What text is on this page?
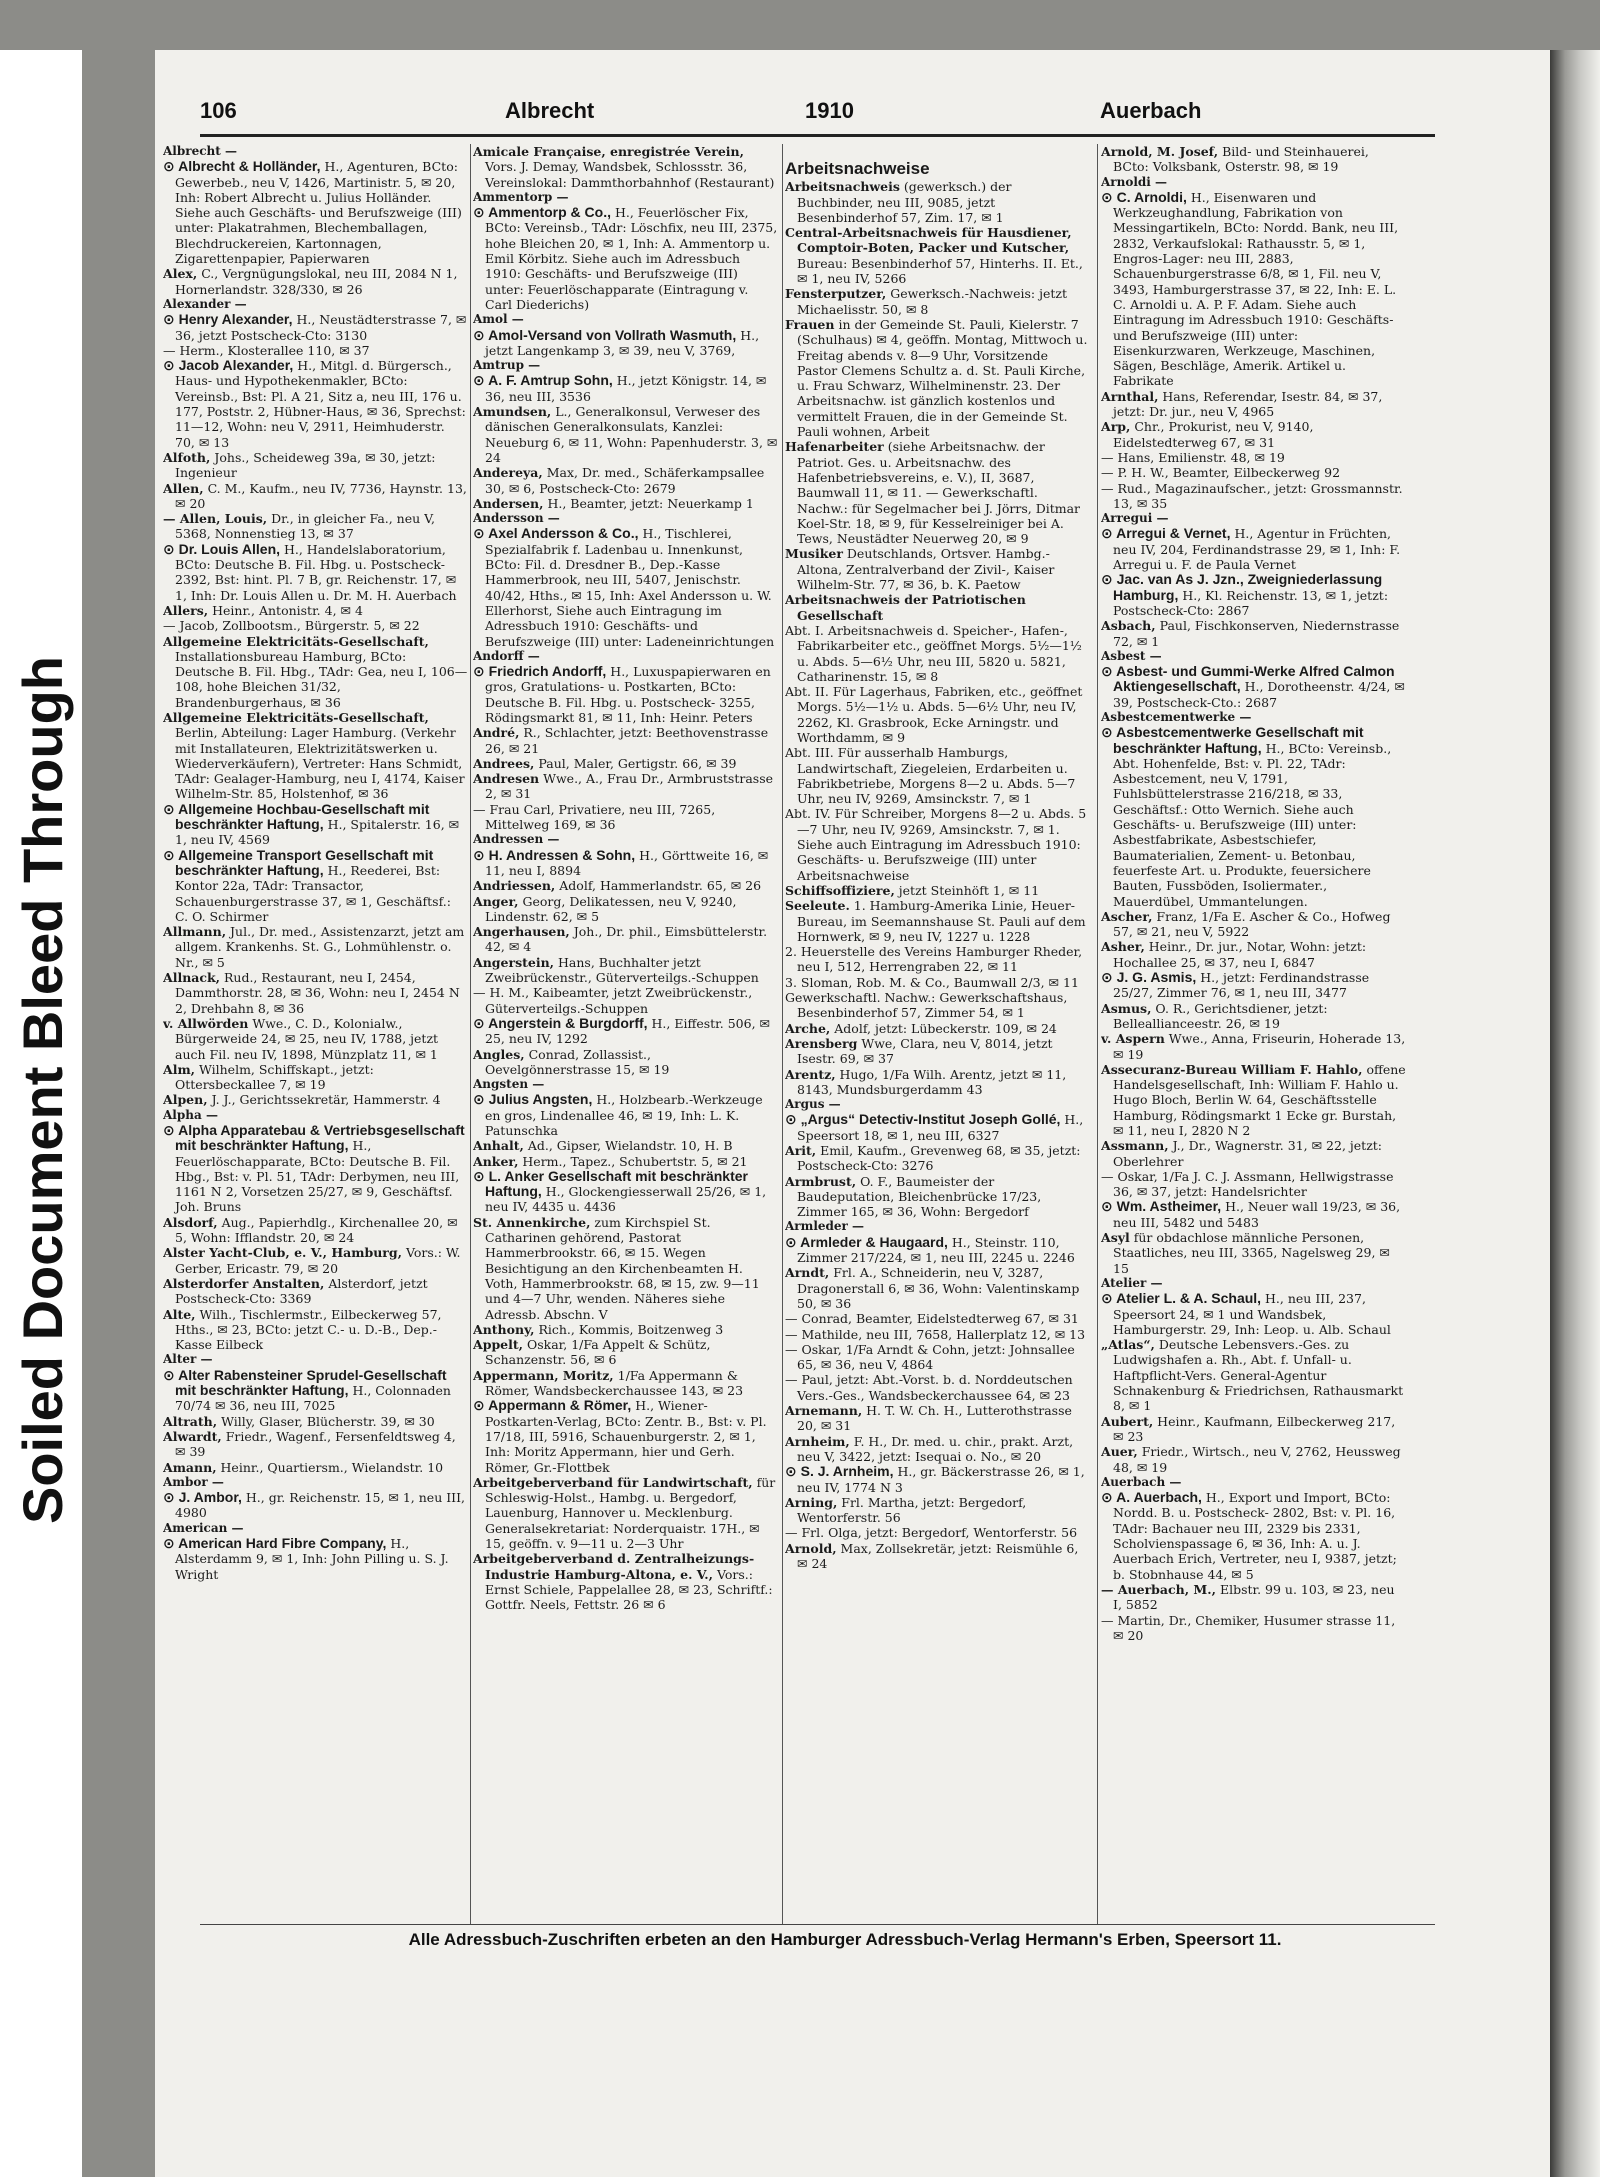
Soiled Document Bleed Through
106	Albrecht	1910	Auerbach

Albrecht —

⊙ Albrecht & Holländer, H., Agenturen, BCto: Gewerbeb., neu V, 1426, Martinistr. 5, ✉ 20, Inh: Robert Albrecht u. Julius Holländer. Siehe auch Geschäfts- und Berufszweige (III) unter: Plakatrahmen, Blechemballagen, Blechdruckereien, Kartonnagen, Zigarettenpapier, Papierwaren

Alex, C., Vergnügungslokal, neu III, 2084 N 1, Hornerlandstr. 328/330, ✉ 26

Alexander —

⊙ Henry Alexander, H., Neustädterstrasse 7, ✉ 36, jetzt Postscheck-Cto: 3130

— Herm., Klosterallee 110, ✉ 37

⊙ Jacob Alexander, H., Mitgl. d. Bürgersch., Haus- und Hypothekenmakler, BCto: Vereinsb., Bst: Pl. A 21, Sitz a, neu III, 176 u. 177, Poststr. 2, Hübner-Haus, ✉ 36, Sprechst: 11—12, Wohn: neu V, 2911, Heimhuderstr. 70, ✉ 13

Alfoth, Johs., Scheideweg 39a, ✉ 30, jetzt: Ingenieur

Allen, C. M., Kaufm., neu IV, 7736, Haynstr. 13, ✉ 20

— Allen, Louis, Dr., in gleicher Fa., neu V, 5368, Nonnenstieg 13, ✉ 37

⊙ Dr. Louis Allen, H., Handelslaboratorium, BCto: Deutsche B. Fil. Hbg. u. Postscheck- 2392, Bst: hint. Pl. 7 B, gr. Reichenstr. 17, ✉ 1, Inh: Dr. Louis Allen u. Dr. M. H. Auerbach

Allers, Heinr., Antonistr. 4, ✉ 4

— Jacob, Zollbootsm., Bürgerstr. 5, ✉ 22

Allgemeine Elektricitäts-Gesellschaft, Installationsbureau Hamburg, BCto: Deutsche B. Fil. Hbg., TAdr: Gea, neu I, 106—108, hohe Bleichen 31/32, Brandenburgerhaus, ✉ 36

Allgemeine Elektricitäts-Gesellschaft, Berlin, Abteilung: Lager Hamburg. (Verkehr mit Installateuren, Elektrizitätswerken u. Wiederverkäufern), Vertreter: Hans Schmidt, TAdr: Gealager-Hamburg, neu I, 4174, Kaiser Wilhelm-Str. 85, Holstenhof, ✉ 36

⊙ Allgemeine Hochbau-Gesellschaft mit beschränkter Haftung, H., Spitalerstr. 16, ✉ 1, neu IV, 4569

⊙ Allgemeine Transport Gesellschaft mit beschränkter Haftung, H., Reederei, Bst: Kontor 22a, TAdr: Transactor, Schauenburgerstrasse 37, ✉ 1, Geschäftsf.: C. O. Schirmer

Allmann, Jul., Dr. med., Assistenzarzt, jetzt am allgem. Krankenhs. St. G., Lohmühlenstr. o. Nr., ✉ 5

Allnack, Rud., Restaurant, neu I, 2454, Dammthorstr. 28, ✉ 36, Wohn: neu I, 2454 N 2, Drehbahn 8, ✉ 36

v. Allwörden Wwe., C. D., Kolonialw., Bürgerweide 24, ✉ 25, neu IV, 1788, jetzt auch Fil. neu IV, 1898, Münzplatz 11, ✉ 1

Alm, Wilhelm, Schiffskapt., jetzt: Ottersbeckallee 7, ✉ 19

Alpen, J. J., Gerichtssekretär, Hammerstr. 4

Alpha —

⊙ Alpha Apparatebau & Vertriebsgesellschaft mit beschränkter Haftung, H., Feuerlöschapparate, BCto: Deutsche B. Fil. Hbg., Bst: v. Pl. 51, TAdr: Derbymen, neu III, 1161 N 2, Vorsetzen 25/27, ✉ 9, Geschäftsf. Joh. Bruns

Alsdorf, Aug., Papierhdlg., Kirchenallee 20, ✉ 5, Wohn: Ifflandstr. 20, ✉ 24

Alster Yacht-Club, e. V., Hamburg, Vors.: W. Gerber, Ericastr. 79, ✉ 20

Alsterdorfer Anstalten, Alsterdorf, jetzt Postscheck-Cto: 3369

Alte, Wilh., Tischlermstr., Eilbeckerweg 57, Hths., ✉ 23, BCto: jetzt C.- u. D.-B., Dep.-Kasse Eilbeck

Alter —

⊙ Alter Rabensteiner Sprudel-Gesellschaft mit beschränkter Haftung, H., Colonnaden 70/74 ✉ 36, neu III, 7025

Altrath, Willy, Glaser, Blücherstr. 39, ✉ 30

Alwardt, Friedr., Wagenf., Fersenfeldtsweg 4, ✉ 39

Amann, Heinr., Quartiersm., Wielandstr. 10

Ambor —

⊙ J. Ambor, H., gr. Reichenstr. 15, ✉ 1, neu III, 4980

American —

⊙ American Hard Fibre Company, H., Alsterdamm 9, ✉ 1, Inh: John Pilling u. S. J. Wright

Amicale Française, enregistrée Verein, Vors. J. Demay, Wandsbek, Schlossstr. 36, Vereinslokal: Dammthorbahnhof (Restaurant)

Ammentorp —

⊙ Ammentorp & Co., H., Feuerlöscher Fix, BCto: Vereinsb., TAdr: Löschfix, neu III, 2375, hohe Bleichen 20, ✉ 1, Inh: A. Ammentorp u. Emil Körbitz. Siehe auch im Adressbuch 1910: Geschäfts- und Berufszweige (III) unter: Feuerlöschapparate (Eintragung v. Carl Diederichs)

Amol —

⊙ Amol-Versand von Vollrath Wasmuth, H., jetzt Langenkamp 3, ✉ 39, neu V, 3769,

Amtrup —

⊙ A. F. Amtrup Sohn, H., jetzt Königstr. 14, ✉ 36, neu III, 3536

Amundsen, L., Generalkonsul, Verweser des dänischen Generalkonsulats, Kanzlei: Neueburg 6, ✉ 11, Wohn: Papenhuderstr. 3, ✉ 24

Andereya, Max, Dr. med., Schäferkampsallee 30, ✉ 6, Postscheck-Cto: 2679

Andersen, H., Beamter, jetzt: Neuerkamp 1

Andersson —

⊙ Axel Andersson & Co., H., Tischlerei, Spezialfabrik f. Ladenbau u. Innenkunst, BCto: Fil. d. Dresdner B., Dep.-Kasse Hammerbrook, neu III, 5407, Jenischstr. 40/42, Hths., ✉ 15, Inh: Axel Andersson u. W. Ellerhorst, Siehe auch Eintragung im Adressbuch 1910: Geschäfts- und Berufszweige (III) unter: Ladeneinrichtungen

Andorff —

⊙ Friedrich Andorff, H., Luxuspapierwaren en gros, Gratulations- u. Postkarten, BCto: Deutsche B. Fil. Hbg. u. Postscheck- 3255, Rödingsmarkt 81, ✉ 11, Inh: Heinr. Peters

André, R., Schlachter, jetzt: Beethovenstrasse 26, ✉ 21

Andrees, Paul, Maler, Gertigstr. 66, ✉ 39

Andresen Wwe., A., Frau Dr., Armbruststrasse 2, ✉ 31

— Frau Carl, Privatiere, neu III, 7265, Mittelweg 169, ✉ 36

Andressen —

⊙ H. Andressen & Sohn, H., Görttweite 16, ✉ 11, neu I, 8894

Andriessen, Adolf, Hammerlandstr. 65, ✉ 26

Anger, Georg, Delikatessen, neu V, 9240, Lindenstr. 62, ✉ 5

Angerhausen, Joh., Dr. phil., Eimsbüttelerstr. 42, ✉ 4

Angerstein, Hans, Buchhalter jetzt Zweibrückenstr., Güterverteilgs.-Schuppen

— H. M., Kaibeamter, jetzt Zweibrückenstr., Güterverteilgs.-Schuppen

⊙ Angerstein & Burgdorff, H., Eiffestr. 506, ✉ 25, neu IV, 1292

Angles, Conrad, Zollassist., Oevelgönnerstrasse 15, ✉ 19

Angsten —

⊙ Julius Angsten, H., Holzbearb.-Werkzeuge en gros, Lindenallee 46, ✉ 19, Inh: L. K. Patunschka

Anhalt, Ad., Gipser, Wielandstr. 10, H. B

Anker, Herm., Tapez., Schubertstr. 5, ✉ 21

⊙ L. Anker Gesellschaft mit beschränkter Haftung, H., Glockengiesserwall 25/26, ✉ 1, neu IV, 4435 u. 4436

St. Annenkirche, zum Kirchspiel St. Catharinen gehörend, Pastorat Hammerbrookstr. 66, ✉ 15. Wegen Besichtigung an den Kirchenbeamten H. Voth, Hammerbrookstr. 68, ✉ 15, zw. 9—11 und 4—7 Uhr, wenden. Näheres siehe Adressb. Abschn. V

Anthony, Rich., Kommis, Boitzenweg 3

Appelt, Oskar, 1/Fa Appelt & Schütz, Schanzenstr. 56, ✉ 6

Appermann, Moritz, 1/Fa Appermann & Römer, Wandsbeckerchaussee 143, ✉ 23

⊙ Appermann & Römer, H., Wiener-Postkarten-Verlag, BCto: Zentr. B., Bst: v. Pl. 17/18, III, 5916, Schauenburgerstr. 2, ✉ 1, Inh: Moritz Appermann, hier und Gerh. Römer, Gr.-Flottbek

Arbeitgeberverband für Landwirtschaft, für Schleswig-Holst., Hambg. u. Bergedorf, Lauenburg, Hannover u. Mecklenburg. Generalsekretariat: Norderquaistr. 17H., ✉ 15, geöffn. v. 9—11 u. 2—3 Uhr

Arbeitgeberverband d. Zentralheizungs-Industrie Hamburg-Altona, e. V., Vors.: Ernst Schiele, Pappelallee 28, ✉ 23, Schriftf.: Gottfr. Neels, Fettstr. 26 ✉ 6

Arbeitsnachweise

Arbeitsnachweis (gewerksch.) der Buchbinder, neu III, 9085, jetzt Besenbinderhof 57, Zim. 17, ✉ 1

Central-Arbeitsnachweis für Hausdiener, Comptoir-Boten, Packer und Kutscher, Bureau: Besenbinderhof 57, Hinterhs. II. Et., ✉ 1, neu IV, 5266

Fensterputzer, Gewerksch.-Nachweis: jetzt Michaelisstr. 50, ✉ 8

Frauen in der Gemeinde St. Pauli, Kielerstr. 7 (Schulhaus) ✉ 4, geöffn. Montag, Mittwoch u. Freitag abends v. 8—9 Uhr, Vorsitzende Pastor Clemens Schultz a. d. St. Pauli Kirche, u. Frau Schwarz, Wilhelminenstr. 23. Der Arbeitsnachw. ist gänzlich kostenlos und vermittelt Frauen, die in der Gemeinde St. Pauli wohnen, Arbeit

Hafenarbeiter (siehe Arbeitsnachw. der Patriot. Ges. u. Arbeitsnachw. des Hafenbetriebsvereins, e. V.), II, 3687, Baumwall 11, ✉ 11. — Gewerkschaftl. Nachw.: für Segelmacher bei J. Jörrs, Ditmar Koel-Str. 18, ✉ 9, für Kesselreiniger bei A. Tews, Neustädter Neuerweg 20, ✉ 9

Musiker Deutschlands, Ortsver. Hambg.-Altona, Zentralverband der Zivil-, Kaiser Wilhelm-Str. 77, ✉ 36, b. K. Paetow

Arbeitsnachweis der Patriotischen Gesellschaft

Abt. I. Arbeitsnachweis d. Speicher-, Hafen-, Fabrikarbeiter etc., geöffnet Morgs. 5½—1½ u. Abds. 5—6½ Uhr, neu III, 5820 u. 5821, Catharinenstr. 15, ✉ 8

Abt. II. Für Lagerhaus, Fabriken, etc., geöffnet Morgs. 5½—1½ u. Abds. 5—6½ Uhr, neu IV, 2262, Kl. Grasbrook, Ecke Arningstr. und Worthdamm, ✉ 9

Abt. III. Für ausserhalb Hamburgs, Landwirtschaft, Ziegeleien, Erdarbeiten u. Fabrikbetriebe, Morgens 8—2 u. Abds. 5—7 Uhr, neu IV, 9269, Amsinckstr. 7, ✉ 1

Abt. IV. Für Schreiber, Morgens 8—2 u. Abds. 5—7 Uhr, neu IV, 9269, Amsinckstr. 7, ✉ 1. Siehe auch Eintragung im Adressbuch 1910: Geschäfts- u. Berufszweige (III) unter Arbeitsnachweise

Schiffsoffiziere, jetzt Steinhöft 1, ✉ 11

Seeleute. 1. Hamburg-Amerika Linie, Heuer-Bureau, im Seemannshause St. Pauli auf dem Hornwerk, ✉ 9, neu IV, 1227 u. 1228

2. Heuerstelle des Vereins Hamburger Rheder, neu I, 512, Herrengraben 22, ✉ 11

3. Sloman, Rob. M. & Co., Baumwall 2/3, ✉ 11

Gewerkschaftl. Nachw.: Gewerkschaftshaus, Besenbinderhof 57, Zimmer 54, ✉ 1

Arche, Adolf, jetzt: Lübeckerstr. 109, ✉ 24

Arensberg Wwe, Clara, neu V, 8014, jetzt Isestr. 69, ✉ 37

Arentz, Hugo, 1/Fa Wilh. Arentz, jetzt ✉ 11, 8143, Mundsburgerdamm 43

Argus —

⊙ „Argus“ Detectiv-Institut Joseph Gollé, H., Speersort 18, ✉ 1, neu III, 6327

Arit, Emil, Kaufm., Grevenweg 68, ✉ 35, jetzt: Postscheck-Cto: 3276

Armbrust, O. F., Baumeister der Baudeputation, Bleichenbrücke 17/23, Zimmer 165, ✉ 36, Wohn: Bergedorf

Armleder —

⊙ Armleder & Haugaard, H., Steinstr. 110, Zimmer 217/224, ✉ 1, neu III, 2245 u. 2246

Arndt, Frl. A., Schneiderin, neu V, 3287, Dragonerstall 6, ✉ 36, Wohn: Valentinskamp 50, ✉ 36

— Conrad, Beamter, Eidelstedterweg 67, ✉ 31

— Mathilde, neu III, 7658, Hallerplatz 12, ✉ 13

— Oskar, 1/Fa Arndt & Cohn, jetzt: Johnsallee 65, ✉ 36, neu V, 4864

— Paul, jetzt: Abt.-Vorst. b. d. Norddeutschen Vers.-Ges., Wandsbeckerchaussee 64, ✉ 23

Arnemann, H. T. W. Ch. H., Lutterothstrasse 20, ✉ 31

Arnheim, F. H., Dr. med. u. chir., prakt. Arzt, neu V, 3422, jetzt: Isequai o. No., ✉ 20

⊙ S. J. Arnheim, H., gr. Bäckerstrasse 26, ✉ 1, neu IV, 1774 N 3

Arning, Frl. Martha, jetzt: Bergedorf, Wentorferstr. 56

— Frl. Olga, jetzt: Bergedorf, Wentorferstr. 56

Arnold, Max, Zollsekretär, jetzt: Reismühle 6, ✉ 24

Arnold, M. Josef, Bild- und Steinhauerei, BCto: Volksbank, Osterstr. 98, ✉ 19

Arnoldi —

⊙ C. Arnoldi, H., Eisenwaren und Werkzeughandlung, Fabrikation von Messingartikeln, BCto: Nordd. Bank, neu III, 2832, Verkaufslokal: Rathausstr. 5, ✉ 1, Engros-Lager: neu III, 2883, Schauenburgerstrasse 6/8, ✉ 1, Fil. neu V, 3493, Hamburgerstrasse 37, ✉ 22, Inh: E. L. C. Arnoldi u. A. P. F. Adam. Siehe auch Eintragung im Adressbuch 1910: Geschäfts- und Berufszweige (III) unter: Eisenkurzwaren, Werkzeuge, Maschinen, Sägen, Beschläge, Amerik. Artikel u. Fabrikate

Arnthal, Hans, Referendar, Isestr. 84, ✉ 37, jetzt: Dr. jur., neu V, 4965

Arp, Chr., Prokurist, neu V, 9140, Eidelstedterweg 67, ✉ 31

— Hans, Emilienstr. 48, ✉ 19

— P. H. W., Beamter, Eilbeckerweg 92

— Rud., Magazinaufscher., jetzt: Grossmannstr. 13, ✉ 35

Arregui —

⊙ Arregui & Vernet, H., Agentur in Früchten, neu IV, 204, Ferdinandstrasse 29, ✉ 1, Inh: F. Arregui u. F. de Paula Vernet

⊙ Jac. van As J. Jzn., Zweigniederlassung Hamburg, H., Kl. Reichenstr. 13, ✉ 1, jetzt: Postscheck-Cto: 2867

Asbach, Paul, Fischkonserven, Niedernstrasse 72, ✉ 1

Asbest —

⊙ Asbest- und Gummi-Werke Alfred Calmon Aktiengesellschaft, H., Dorotheenstr. 4/24, ✉ 39, Postscheck-Cto.: 2687

Asbestcementwerke —

⊙ Asbestcementwerke Gesellschaft mit beschränkter Haftung, H., BCto: Vereinsb., Abt. Hohenfelde, Bst: v. Pl. 22, TAdr: Asbestcement, neu V, 1791, Fuhlsbüttelerstrasse 216/218, ✉ 33, Geschäftsf.: Otto Wernich. Siehe auch Geschäfts- u. Berufszweige (III) unter: Asbestfabrikate, Asbestschiefer, Baumaterialien, Zement- u. Betonbau, feuerfeste Art. u. Produkte, feuersichere Bauten, Fussböden, Isoliermater., Mauerdübel, Ummantelungen.

Ascher, Franz, 1/Fa E. Ascher & Co., Hofweg 57, ✉ 21, neu V, 5922

Asher, Heinr., Dr. jur., Notar, Wohn: jetzt: Hochallee 25, ✉ 37, neu I, 6847

⊙ J. G. Asmis, H., jetzt: Ferdinandstrasse 25/27, Zimmer 76, ✉ 1, neu III, 3477

Asmus, O. R., Gerichtsdiener, jetzt: Belleallianceestr. 26, ✉ 19

v. Aspern Wwe., Anna, Friseurin, Hoherade 13, ✉ 19

Assecuranz-Bureau William F. Hahlo, offene Handelsgesellschaft, Inh: William F. Hahlo u. Hugo Bloch, Berlin W. 64, Geschäftsstelle Hamburg, Rödingsmarkt 1 Ecke gr. Burstah, ✉ 11, neu I, 2820 N 2

Assmann, J., Dr., Wagnerstr. 31, ✉ 22, jetzt: Oberlehrer

— Oskar, 1/Fa J. C. J. Assmann, Hellwigstrasse 36, ✉ 37, jetzt: Handelsrichter

⊙ Wm. Astheimer, H., Neuer wall 19/23, ✉ 36, neu III, 5482 und 5483

Asyl für obdachlose männliche Personen, Staatliches, neu III, 3365, Nagelsweg 29, ✉ 15

Atelier —

⊙ Atelier L. & A. Schaul, H., neu III, 237, Speersort 24, ✉ 1 und Wandsbek, Hamburgerstr. 29, Inh: Leop. u. Alb. Schaul

„Atlas“, Deutsche Lebensvers.-Ges. zu Ludwigshafen a. Rh., Abt. f. Unfall- u. Haftpflicht-Vers. General-Agentur Schnakenburg & Friedrichsen, Rathausmarkt 8, ✉ 1

Aubert, Heinr., Kaufmann, Eilbeckerweg 217, ✉ 23

Auer, Friedr., Wirtsch., neu V, 2762, Heussweg 48, ✉ 19

Auerbach —

⊙ A. Auerbach, H., Export und Import, BCto: Nordd. B. u. Postscheck- 2802, Bst: v. Pl. 16, TAdr: Bachauer neu III, 2329 bis 2331, Scholvienspassage 6, ✉ 36, Inh: A. u. J. Auerbach Erich, Vertreter, neu I, 9387, jetzt; b. Stobnhause 44, ✉ 5

— Auerbach, M., Elbstr. 99 u. 103, ✉ 23, neu I, 5852

— Martin, Dr., Chemiker, Husumer strasse 11, ✉ 20

Alle Adressbuch-Zuschriften erbeten an den Hamburger Adressbuch-Verlag Hermann's Erben, Speersort 11.
